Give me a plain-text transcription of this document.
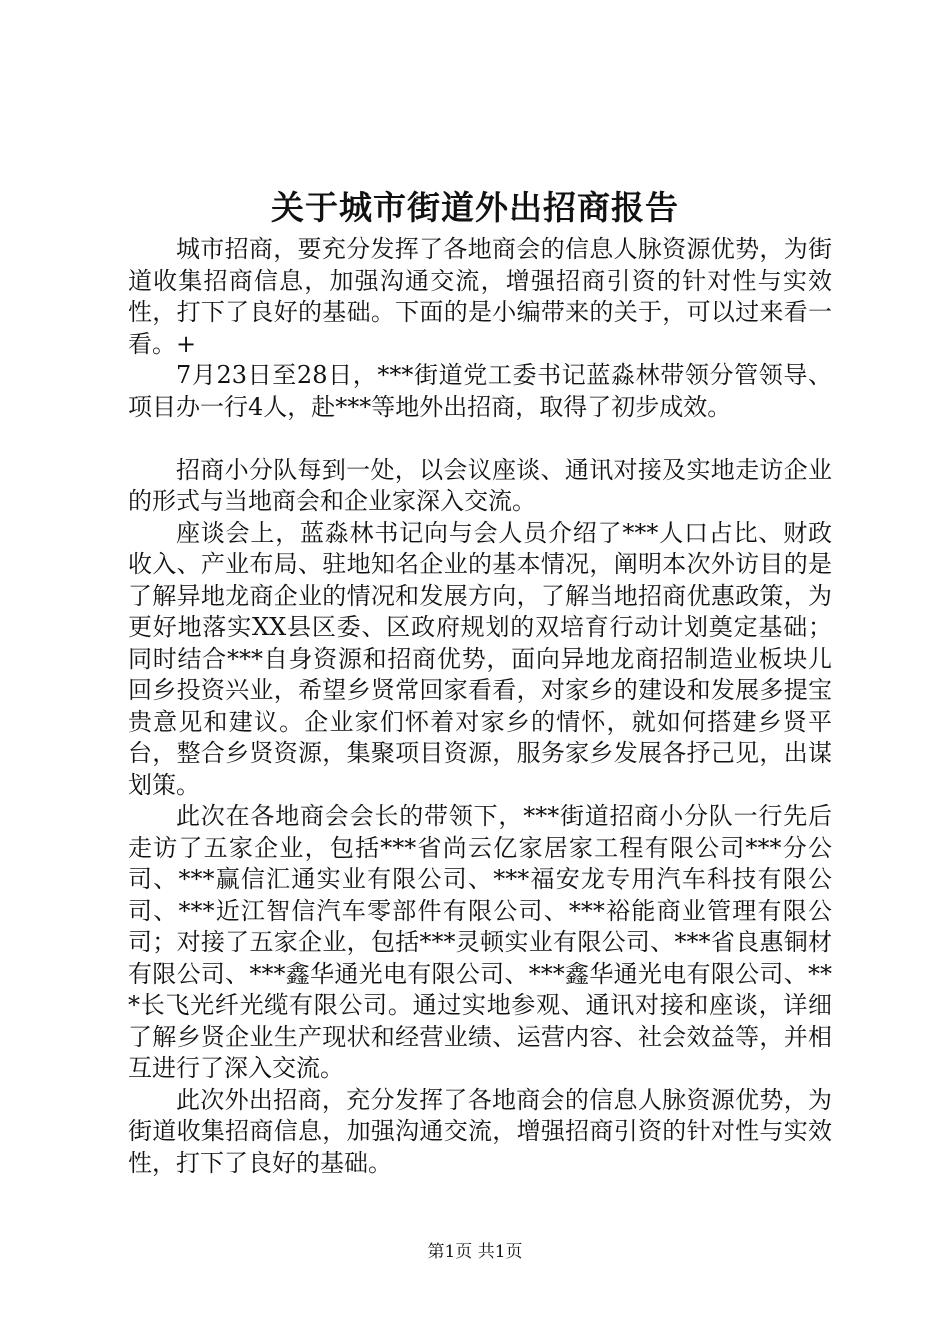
关于城市街道外出招商报告

城市招商，要充分发挥了各地商会的信息人脉资源优势，为街道收集招商信息，加强沟通交流，增强招商引资的针对性与实效性，打下了良好的基础。下面的是小编带来的关于，可以过来看一看。+

7月23日至28日，***街道党工委书记蓝淼林带领分管领导、项目办一行4人，赴***等地外出招商，取得了初步成效。

招商小分队每到一处，以会议座谈、通讯对接及实地走访企业的形式与当地商会和企业家深入交流。

座谈会上，蓝淼林书记向与会人员介绍了***人口占比、财政收入、产业布局、驻地知名企业的基本情况，阐明本次外访目的是了解异地龙商企业的情况和发展方向，了解当地招商优惠政策，为更好地落实XX县区委、区政府规划的双培育行动计划奠定基础；同时结合***自身资源和招商优势，面向异地龙商招制造业板块儿回乡投资兴业，希望乡贤常回家看看，对家乡的建设和发展多提宝贵意见和建议。企业家们怀着对家乡的情怀，就如何搭建乡贤平台，整合乡贤资源，集聚项目资源，服务家乡发展各抒己见，出谋划策。

此次在各地商会会长的带领下，***街道招商小分队一行先后走访了五家企业，包括***省尚云亿家居家工程有限公司***分公司、***赢信汇通实业有限公司、***福安龙专用汽车科技有限公司、***近江智信汽车零部件有限公司、***裕能商业管理有限公司；对接了五家企业，包括***灵顿实业有限公司、***省良惠铜材有限公司、***鑫华通光电有限公司、***鑫华通光电有限公司、***长飞光纤光缆有限公司。通过实地参观、通讯对接和座谈，详细了解乡贤企业生产现状和经营业绩、运营内容、社会效益等，并相互进行了深入交流。

此次外出招商，充分发挥了各地商会的信息人脉资源优势，为街道收集招商信息，加强沟通交流，增强招商引资的针对性与实效性，打下了良好的基础。

第1页 共1页
